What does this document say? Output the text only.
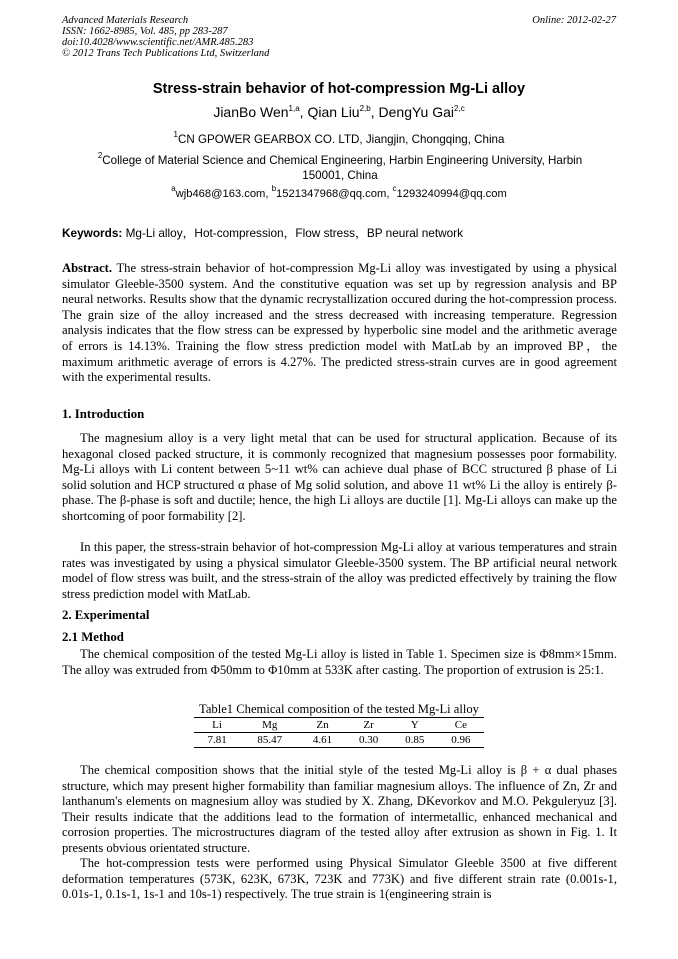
Advanced Materials Research
ISSN: 1662-8985, Vol. 485, pp 283-287
doi:10.4028/www.scientific.net/AMR.485.283
© 2012 Trans Tech Publications Ltd, Switzerland
Online: 2012-02-27
Stress-strain behavior of hot-compression Mg-Li alloy
JianBo Wen$^{1,a}$, Qian Liu$^{2,b}$, DengYu Gai$^{2,c}$
$^1$CN GPOWER GEARBOX CO. LTD, Jiangjin, Chongqing, China
$^2$College of Material Science and Chemical Engineering, Harbin Engineering University, Harbin
150001, China
$^a$wjb468@163.com, $^b$1521347968@qq.com, $^c$1293240994@qq.com
Keywords: Mg-Li alloy，Hot-compression，Flow stress，BP neural network

Abstract. The stress-strain behavior of hot-compression Mg-Li alloy was investigated by using a physical simulator Gleeble-3500 system. And the constitutive equation was set up by regression analysis and BP neural networks. Results show that the dynamic recrystallization occured during the hot-compression process. The grain size of the alloy increased and the stress decreased with increasing temperature. Regression analysis indicates that the flow stress can be expressed by hyperbolic sine model and the arithmetic average of errors is 14.13%. Training the flow stress prediction model with MatLab by an improved BP，the maximum arithmetic average of errors is 4.27%. The predicted stress-strain curves are in good agreement with the experimental results.

1. Introduction

The magnesium alloy is a very light metal that can be used for structural application. Because of its hexagonal closed packed structure, it is commonly recognized that magnesium possesses poor formability. Mg-Li alloys with Li content between 5~11 wt% can achieve dual phase of BCC structured β phase of Li solid solution and HCP structured α phase of Mg solid solution, and above 11 wt% Li the alloy is entirely β-phase. The β-phase is soft and ductile; hence, the high Li alloys are ductile [1]. Mg-Li alloys can make up the shortcoming of poor formability [2].

In this paper, the stress-strain behavior of hot-compression Mg-Li alloy at various temperatures and strain rates was investigated by using a physical simulator Gleeble-3500 system. The BP artificial neural network model of flow stress was built, and the stress-strain of the alloy was predicted effectively by training the flow stress prediction model with MatLab.

2. Experimental
2.1 Method

The chemical composition of the tested Mg-Li alloy is listed in Table 1. Specimen size is Φ8mm×15mm. The alloy was extruded from Φ50mm to Φ10mm at 533K after casting. The proportion of extrusion is 25:1.

Table1 Chemical composition of the tested Mg-Li alloy
Li	Mg	Zn	Zr	Y	Ce
7.81	85.47	4.61	0.30	0.85	0.96

The chemical composition shows that the initial style of the tested Mg-Li alloy is β + α dual phases structure, which may present higher formability than familiar magnesium alloys. The influence of Zn, Zr and lanthanum's elements on magnesium alloy was studied by X. Zhang, DKevorkov and M.O. Pekguleryuz [3]. Their results indicate that the additions lead to the formation of intermetallic, enhanced mechanical and corrosion properties. The microstructures diagram of the tested alloy after extrusion as shown in Fig. 1. It presents obvious orientated structure.

The hot-compression tests were performed using Physical Simulator Gleeble 3500 at five different deformation temperatures (573K, 623K, 673K, 723K and 773K) and five different strain rate (0.001s-1, 0.01s-1, 0.1s-1, 1s-1 and 10s-1) respectively. The true strain is 1(engineering strain is
